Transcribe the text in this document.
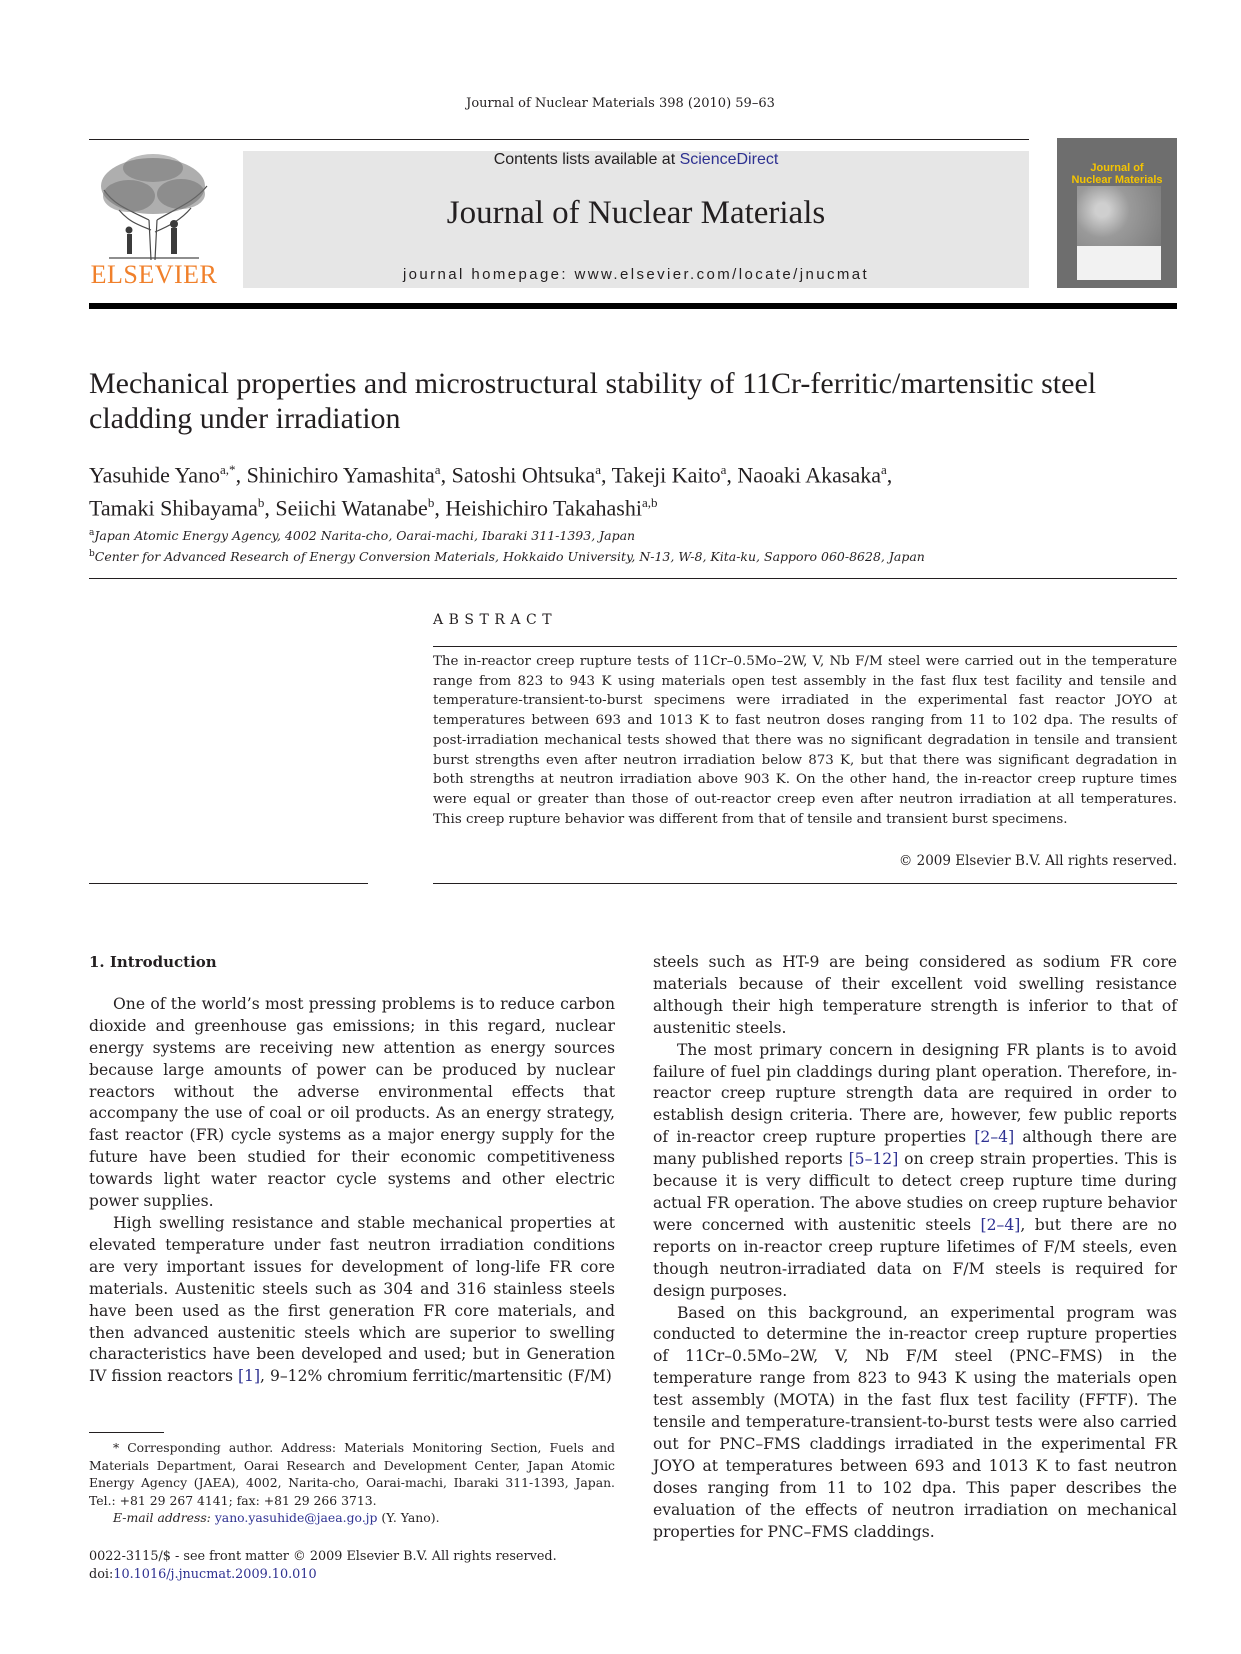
Journal of Nuclear Materials 398 (2010) 59–63
ELSEVIER
Contents lists available at ScienceDirect
Journal of Nuclear Materials
journal homepage: www.elsevier.com/locate/jnucmat
Journal of
Nuclear Materials
Mechanical properties and microstructural stability of 11Cr-ferritic/martensitic steel cladding under irradiation
Yasuhide Yano$^{a,*}$, Shinichiro Yamashita$^a$, Satoshi Ohtsuka$^a$, Takeji Kaito$^a$, Naoaki Akasaka$^a$,
Tamaki Shibayama$^b$, Seiichi Watanabe$^b$, Heishichiro Takahashi$^{a,b}$
$^a$Japan Atomic Energy Agency, 4002 Narita-cho, Oarai-machi, Ibaraki 311-1393, Japan
$^b$Center for Advanced Research of Energy Conversion Materials, Hokkaido University, N-13, W-8, Kita-ku, Sapporo 060-8628, Japan
ABSTRACT
The in-reactor creep rupture tests of 11Cr–0.5Mo–2W, V, Nb F/M steel were carried out in the temperature range from 823 to 943 K using materials open test assembly in the fast flux test facility and tensile and temperature-transient-to-burst specimens were irradiated in the experimental fast reactor JOYO at temperatures between 693 and 1013 K to fast neutron doses ranging from 11 to 102 dpa. The results of post-irradiation mechanical tests showed that there was no significant degradation in tensile and transient burst strengths even after neutron irradiation below 873 K, but that there was significant degradation in both strengths at neutron irradiation above 903 K. On the other hand, the in-reactor creep rupture times were equal or greater than those of out-reactor creep even after neutron irradiation at all temperatures. This creep rupture behavior was different from that of tensile and transient burst specimens.
© 2009 Elsevier B.V. All rights reserved.

1. Introduction

One of the world’s most pressing problems is to reduce carbon dioxide and greenhouse gas emissions; in this regard, nuclear energy systems are receiving new attention as energy sources because large amounts of power can be produced by nuclear reactors without the adverse environmental effects that accompany the use of coal or oil products. As an energy strategy, fast reactor (FR) cycle systems as a major energy supply for the future have been studied for their economic competitiveness towards light water reactor cycle systems and other electric power supplies.

High swelling resistance and stable mechanical properties at elevated temperature under fast neutron irradiation conditions are very important issues for development of long-life FR core materials. Austenitic steels such as 304 and 316 stainless steels have been used as the first generation FR core materials, and then advanced austenitic steels which are superior to swelling characteristics have been developed and used; but in Generation IV fission reactors [1], 9–12% chromium ferritic/martensitic (F/M)

steels such as HT-9 are being considered as sodium FR core materials because of their excellent void swelling resistance although their high temperature strength is inferior to that of austenitic steels.

The most primary concern in designing FR plants is to avoid failure of fuel pin claddings during plant operation. Therefore, in-reactor creep rupture strength data are required in order to establish design criteria. There are, however, few public reports of in-reactor creep rupture properties [2–4] although there are many published reports [5–12] on creep strain properties. This is because it is very difficult to detect creep rupture time during actual FR operation. The above studies on creep rupture behavior were concerned with austenitic steels [2–4], but there are no reports on in-reactor creep rupture lifetimes of F/M steels, even though neutron-irradiated data on F/M steels is required for design purposes.

Based on this background, an experimental program was conducted to determine the in-reactor creep rupture properties of 11Cr–0.5Mo–2W, V, Nb F/M steel (PNC–FMS) in the temperature range from 823 to 943 K using the materials open test assembly (MOTA) in the fast flux test facility (FFTF). The tensile and temperature-transient-to-burst tests were also carried out for PNC–FMS claddings irradiated in the experimental FR JOYO at temperatures between 693 and 1013 K to fast neutron doses ranging from 11 to 102 dpa. This paper describes the evaluation of the effects of neutron irradiation on mechanical properties for PNC–FMS claddings.

* Corresponding author. Address: Materials Monitoring Section, Fuels and Materials Department, Oarai Research and Development Center, Japan Atomic Energy Agency (JAEA), 4002, Narita-cho, Oarai-machi, Ibaraki 311-1393, Japan. Tel.: +81 29 267 4141; fax: +81 29 266 3713.

E-mail address: yano.yasuhide@jaea.go.jp (Y. Yano).

0022-3115/$ - see front matter © 2009 Elsevier B.V. All rights reserved.
doi:10.1016/j.jnucmat.2009.10.010
